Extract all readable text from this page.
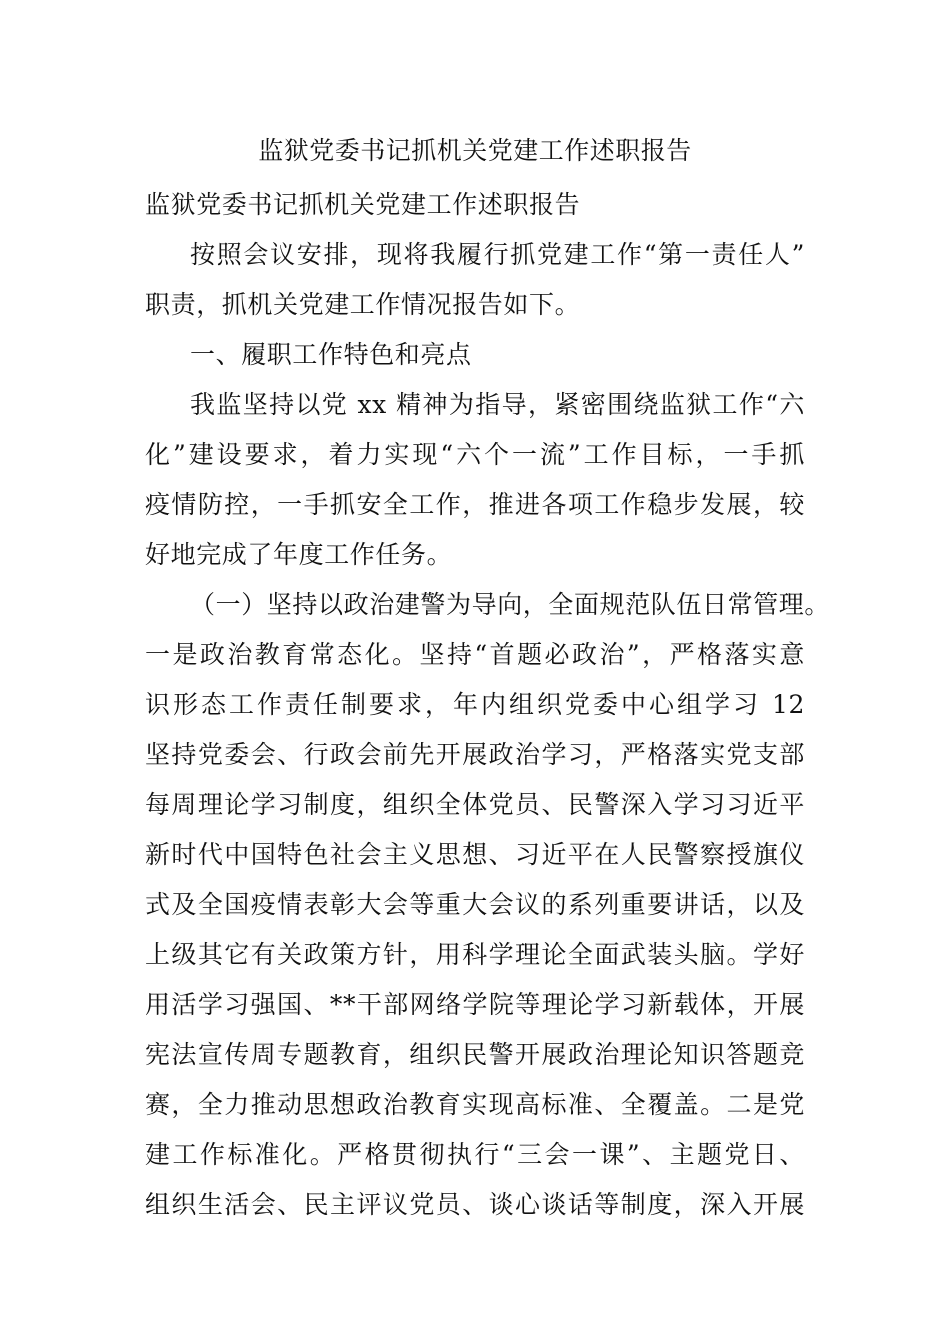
监狱党委书记抓机关党建工作述职报告
监狱党委书记抓机关党建工作述职报告
按照会议安排，现将我履行抓党建工作“第一责任人”
职责，抓机关党建工作情况报告如下。
一、履职工作特色和亮点
我监坚持以党 xx 精神为指导，紧密围绕监狱工作“六
化”建设要求，着力实现“六个一流”工作目标，一手抓
疫情防控，一手抓安全工作，推进各项工作稳步发展，较
好地完成了年度工作任务。
（一）坚持以政治建警为导向，全面规范队伍日常管理。
一是政治教育常态化。坚持“首题必政治”，严格落实意
识形态工作责任制要求，年内组织党委中心组学习 12
坚持党委会、行政会前先开展政治学习，严格落实党支部
每周理论学习制度，组织全体党员、民警深入学习习近平
新时代中国特色社会主义思想、习近平在人民警察授旗仪
式及全国疫情表彰大会等重大会议的系列重要讲话，以及
上级其它有关政策方针，用科学理论全面武装头脑。学好
用活学习强国、**干部网络学院等理论学习新载体，开展
宪法宣传周专题教育，组织民警开展政治理论知识答题竞
赛，全力推动思想政治教育实现高标准、全覆盖。二是党
建工作标准化。严格贯彻执行“三会一课”、主题党日、
组织生活会、民主评议党员、谈心谈话等制度，深入开展
